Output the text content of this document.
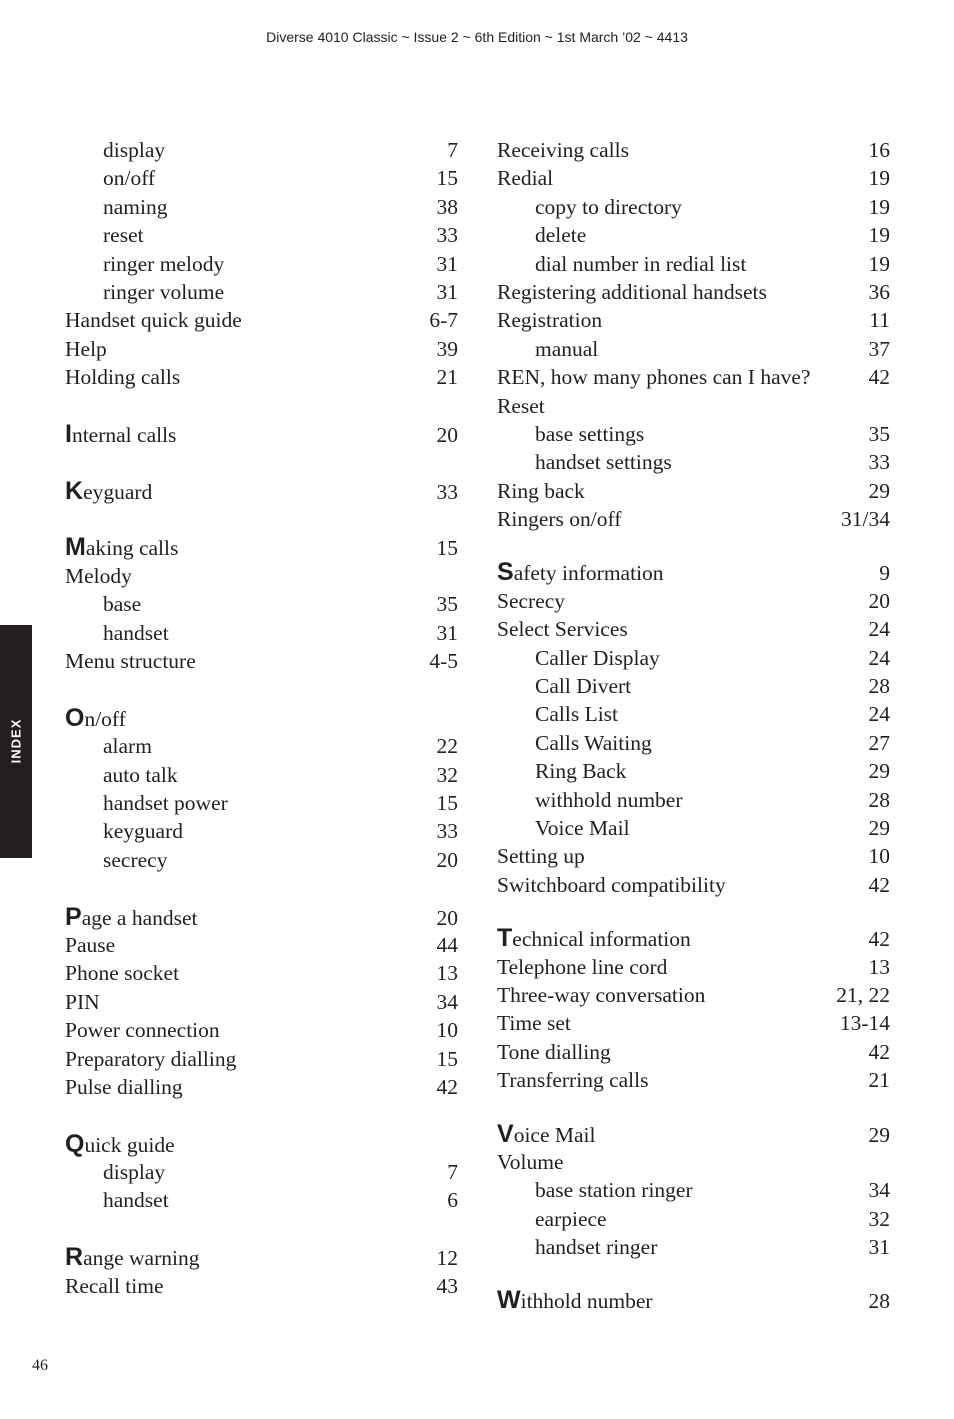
Diverse 4010 Classic ~ Issue 2 ~ 6th Edition ~ 1st March ’02 ~ 4413
INDEX
display	7
on/off	15
naming	38
reset	33
ringer melody	31
ringer volume	31
Handset quick guide	6-7
Help	39
Holding calls	21
Internal calls	20
Keyguard	33
Making calls	15
Melody
base	35
handset	31
Menu structure	4-5
On/off
alarm	22
auto talk	32
handset power	15
keyguard	33
secrecy	20
Page a handset	20
Pause	44
Phone socket	13
PIN	34
Power connection	10
Preparatory dialling	15
Pulse dialling	42
Quick guide
display	7
handset	6
Range warning	12
Recall time	43
Receiving calls	16
Redial	19
copy to directory	19
delete	19
dial number in redial list	19
Registering additional handsets	36
Registration	11
manual	37
REN, how many phones can I have?	42
Reset
base settings	35
handset settings	33
Ring back	29
Ringers on/off	31/34
Safety information	9
Secrecy	20
Select Services	24
Caller Display	24
Call Divert	28
Calls List	24
Calls Waiting	27
Ring Back	29
withhold number	28
Voice Mail	29
Setting up	10
Switchboard compatibility	42
Technical information	42
Telephone line cord	13
Three-way conversation	21, 22
Time set	13-14
Tone dialling	42
Transferring calls	21
Voice Mail	29
Volume
base station ringer	34
earpiece	32
handset ringer	31
Withhold number	28
46
